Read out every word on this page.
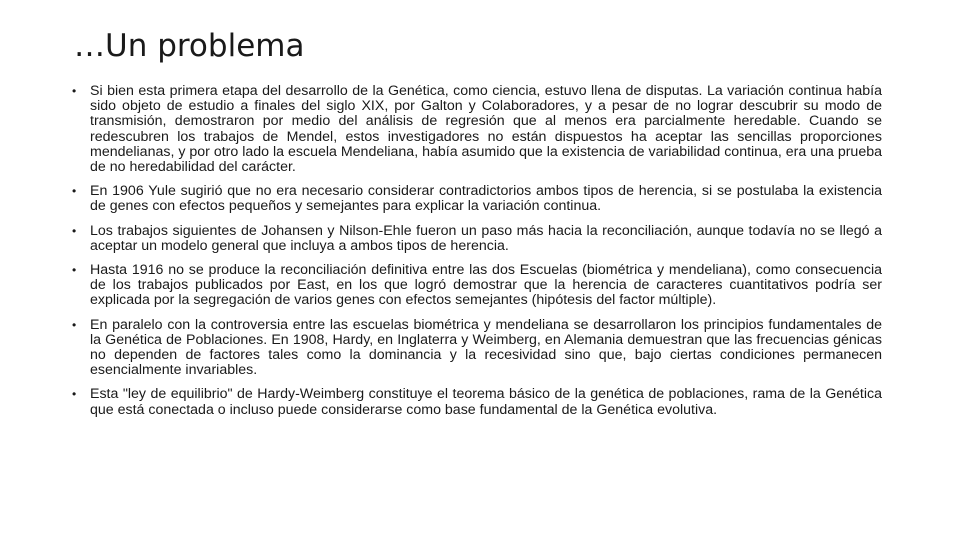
…Un problema
• Si bien esta primera etapa del desarrollo de la Genética, como ciencia, estuvo llena de disputas. La variación continua había sido objeto de estudio a finales del siglo XIX, por Galton y Colaboradores, y a pesar de no lograr descubrir su modo de transmisión, demostraron por medio del análisis de regresión que al menos era parcialmente heredable. Cuando se redescubren los trabajos de Mendel, estos investigadores no están dispuestos ha aceptar las sencillas proporciones mendelianas, y por otro lado la escuela Mendeliana, había asumido que la existencia de variabilidad continua, era una prueba de no heredabilidad del carácter.
• En 1906 Yule sugirió que no era necesario considerar contradictorios ambos tipos de herencia, si se postulaba la existencia de genes con efectos pequeños y semejantes para explicar la variación continua.
• Los trabajos siguientes de Johansen y Nilson-Ehle fueron un paso más hacia la reconciliación, aunque todavía no se llegó a aceptar un modelo general que incluya a ambos tipos de herencia.
• Hasta 1916 no se produce la reconciliación definitiva entre las dos Escuelas (biométrica y mendeliana), como consecuencia de los trabajos publicados por East, en los que logró demostrar que la herencia de caracteres cuantitativos podría ser explicada por la segregación de varios genes con efectos semejantes (hipótesis del factor múltiple).
• En paralelo con la controversia entre las escuelas biométrica y mendeliana se desarrollaron los principios fundamentales de la Genética de Poblaciones. En 1908, Hardy, en Inglaterra y Weimberg, en Alemania demuestran que las frecuencias génicas no dependen de factores tales como la dominancia y la recesividad sino que, bajo ciertas condiciones permanecen esencialmente invariables.
• Esta "ley de equilibrio" de Hardy-Weimberg constituye el teorema básico de la genética de poblaciones, rama de la Genética que está conectada o incluso puede considerarse como base fundamental de la Genética evolutiva.
